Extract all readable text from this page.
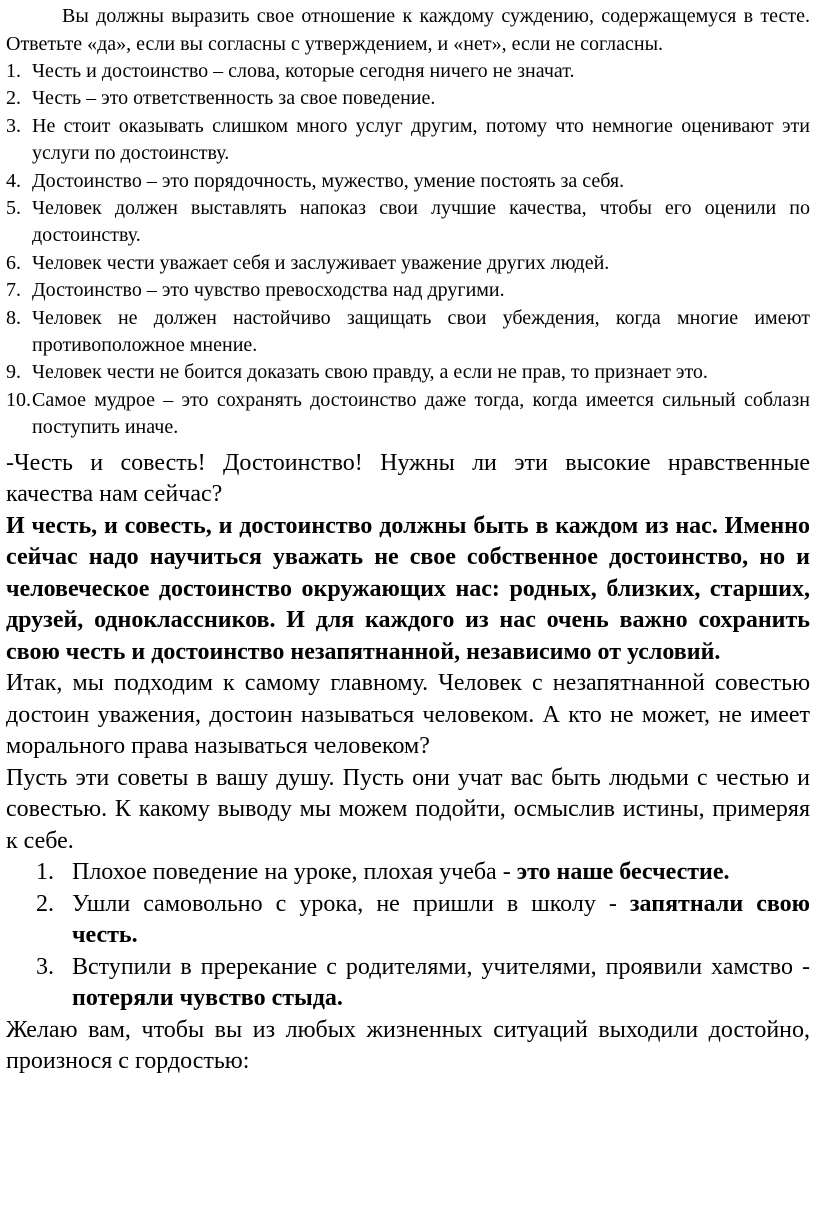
Вы должны выразить свое отношение к каждому суждению, содержащемуся в тесте. Ответьте «да», если вы согласны с утверждением, и «нет», если не согласны.

1. Честь и достоинство – слова, которые сегодня ничего не значат.
2. Честь – это ответственность за свое поведение.
3. Не стоит оказывать слишком много услуг другим, потому что немногие оценивают эти услуги по достоинству.
4. Достоинство – это порядочность, мужество, умение постоять за себя.
5. Человек должен выставлять напоказ свои лучшие качества, чтобы его оценили по достоинству.
6. Человек чести уважает себя и заслуживает уважение других людей.
7. Достоинство – это чувство превосходства над другими.
8. Человек не должен настойчиво защищать свои убеждения, когда многие имеют противоположное мнение.
9. Человек чести не боится доказать свою правду, а если не прав, то признает это.
10. Самое мудрое – это сохранять достоинство даже тогда, когда имеется сильный соблазн поступить иначе.

-Честь и совесть! Достоинство! Нужны ли эти высокие нравственные качества нам сейчас?

И честь, и совесть, и достоинство должны быть в каждом из нас. Именно сейчас надо научиться уважать не свое собственное достоинство, но и человеческое достоинство окружающих нас: родных, близких, старших, друзей, одноклассников. И для каждого из нас очень важно сохранить свою честь и достоинство незапятнанной, независимо от условий.

Итак, мы подходим к самому главному. Человек с незапятнанной совестью достоин уважения, достоин называться человеком. А кто не может, не имеет морального права называться человеком?

Пусть эти советы в вашу душу. Пусть они учат вас быть людьми с честью и совестью. К какому выводу мы можем подойти, осмыслив истины, примеряя к себе.

1. Плохое поведение на уроке, плохая учеба - это наше бесчестие.
2. Ушли самовольно с урока, не пришли в школу - запятнали свою честь.
3. Вступили в пререкание с родителями, учителями, проявили хамство - потеряли чувство стыда.

Желаю вам, чтобы вы из любых жизненных ситуаций выходили достойно, произнося с гордостью:
